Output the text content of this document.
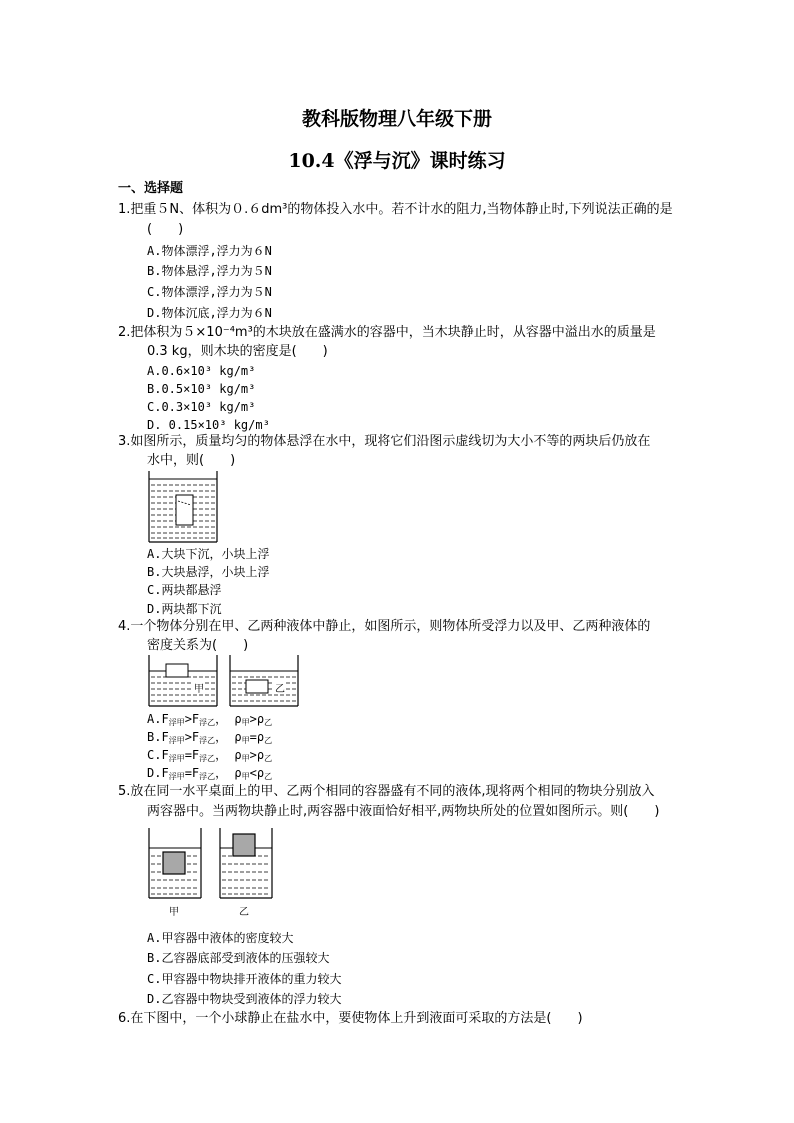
教科版物理八年级下册
10.4《浮与沉》课时练习
一、选择题
1.把重５N、体积为０.６dm³的物体投入水中。若不计水的阻力,当物体静止时,下列说法正确的是
(　　)
A.物体漂浮,浮力为６N
B.物体悬浮,浮力为５N
C.物体漂浮,浮力为５N
D.物体沉底,浮力为６N
2.把体积为５×10⁻⁴m³的木块放在盛满水的容器中，当木块静止时，从容器中溢出水的质量是
0.3 kg，则木块的密度是(　　)
A.0.6×10³ kg/m³
B.0.5×10³ kg/m³
C.0.3×10³ kg/m³
D. 0.15×10³ kg/m³
3.如图所示，质量均匀的物体悬浮在水中，现将它们沿图示虚线切为大小不等的两块后仍放在
水中，则(　　)
A.大块下沉，小块上浮
B.大块悬浮，小块上浮
C.两块都悬浮
D.两块都下沉
4.一个物体分别在甲、乙两种液体中静止，如图所示，则物体所受浮力以及甲、乙两种液体的
密度关系为(　　)
甲	乙
$A.F_{浮甲}>F_{浮乙}$， $\rho_甲>\rho_乙$
$B.F_{浮甲}>F_{浮乙}$， $\rho_甲=\rho_乙$
$C.F_{浮甲}=F_{浮乙}$， $\rho_甲>\rho_乙$
$D.F_{浮甲}=F_{浮乙}$， $\rho_甲<\rho_乙$
5.放在同一水平桌面上的甲、乙两个相同的容器盛有不同的液体,现将两个相同的物块分别放入
两容器中。当两物块静止时,两容器中液面恰好相平,两物块所处的位置如图所示。则(　　)
甲	乙
A.甲容器中液体的密度较大
B.乙容器底部受到液体的压强较大
C.甲容器中物块排开液体的重力较大
D.乙容器中物块受到液体的浮力较大
6.在下图中，一个小球静止在盐水中，要使物体上升到液面可采取的方法是(　　)
